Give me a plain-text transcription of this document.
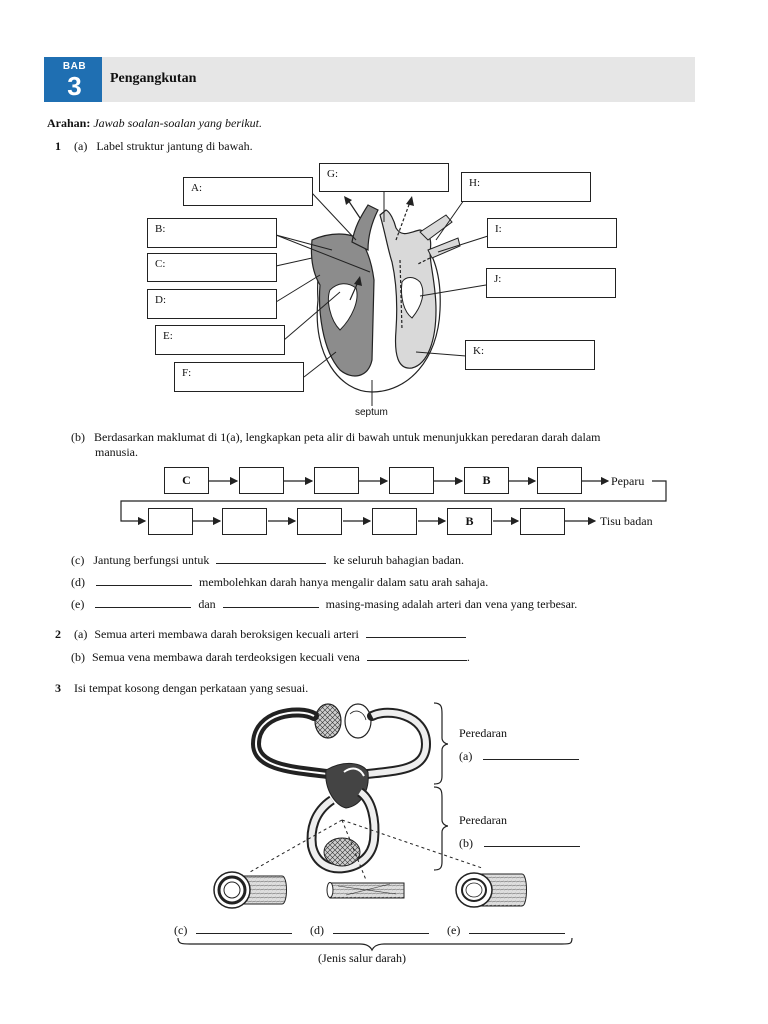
BAB
3	Pengangkutan
Arahan: Jawab soalan-soalan yang berikut.
1 (a) Label struktur jantung di bawah.
A:
B:
C:
D:
E:
F:
G:
H:
I:
J:
K:
septum
(b) Berdasarkan maklumat di 1(a), lengkapkan peta alir di bawah untuk menunjukkan peredaran darah dalam
manusia.
C	B	Peparu
B	Tisu badan
(c) Jantung berfungsi untuk	ke seluruh bahagian badan.
(d)	membolehkan darah hanya mengalir dalam satu arah sahaja.
(e)	dan	masing-masing adalah arteri dan vena yang terbesar.
2 (a) Semua arteri membawa darah beroksigen kecuali arteri
(b) Semua vena membawa darah terdeoksigen kecuali vena	.
3 Isi tempat kosong dengan perkataan yang sesuai.
Peredaran
(a)
Peredaran
(b)
(c)	(d)	(e)
(Jenis salur darah)
